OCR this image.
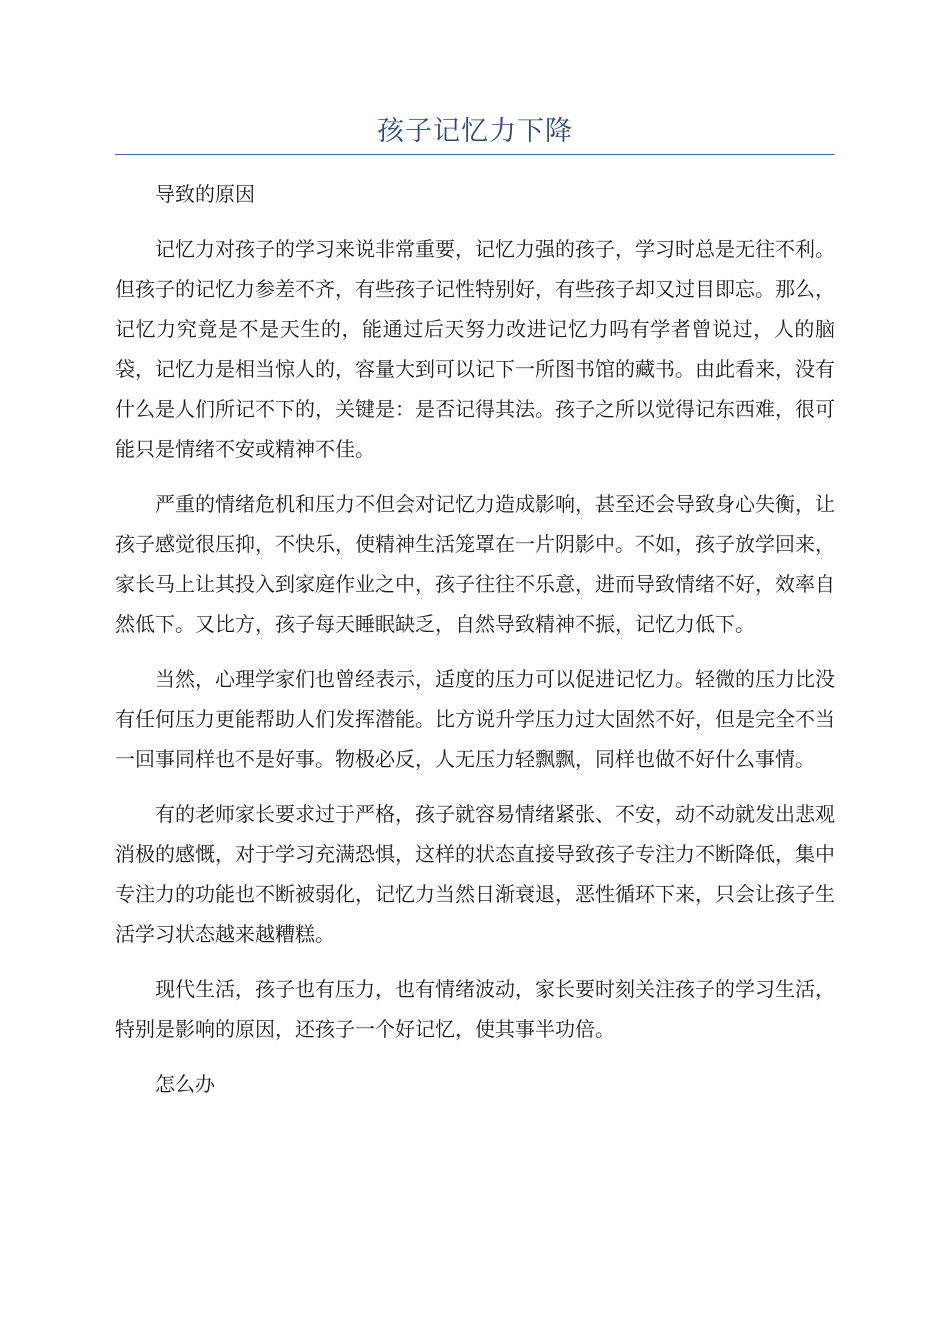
孩子记忆力下降

导致的原因

记忆力对孩子的学习来说非常重要，记忆力强的孩子，学习时总是无往不利。但孩子的记忆力参差不齐，有些孩子记性特别好，有些孩子却又过目即忘。那么，记忆力究竟是不是天生的，能通过后天努力改进记忆力吗有学者曾说过，人的脑袋，记忆力是相当惊人的，容量大到可以记下一所图书馆的藏书。由此看来，没有什么是人们所记不下的，关键是：是否记得其法。孩子之所以觉得记东西难，很可能只是情绪不安或精神不佳。

严重的情绪危机和压力不但会对记忆力造成影响，甚至还会导致身心失衡，让孩子感觉很压抑，不快乐，使精神生活笼罩在一片阴影中。不如，孩子放学回来，家长马上让其投入到家庭作业之中，孩子往往不乐意，进而导致情绪不好，效率自然低下。又比方，孩子每天睡眠缺乏，自然导致精神不振，记忆力低下。

当然，心理学家们也曾经表示，适度的压力可以促进记忆力。轻微的压力比没有任何压力更能帮助人们发挥潜能。比方说升学压力过大固然不好，但是完全不当一回事同样也不是好事。物极必反，人无压力轻飘飘，同样也做不好什么事情。

有的老师家长要求过于严格，孩子就容易情绪紧张、不安，动不动就发出悲观消极的感慨，对于学习充满恐惧，这样的状态直接导致孩子专注力不断降低，集中专注力的功能也不断被弱化，记忆力当然日渐衰退，恶性循环下来，只会让孩子生活学习状态越来越糟糕。

现代生活，孩子也有压力，也有情绪波动，家长要时刻关注孩子的学习生活，特别是影响的原因，还孩子一个好记忆，使其事半功倍。

怎么办
